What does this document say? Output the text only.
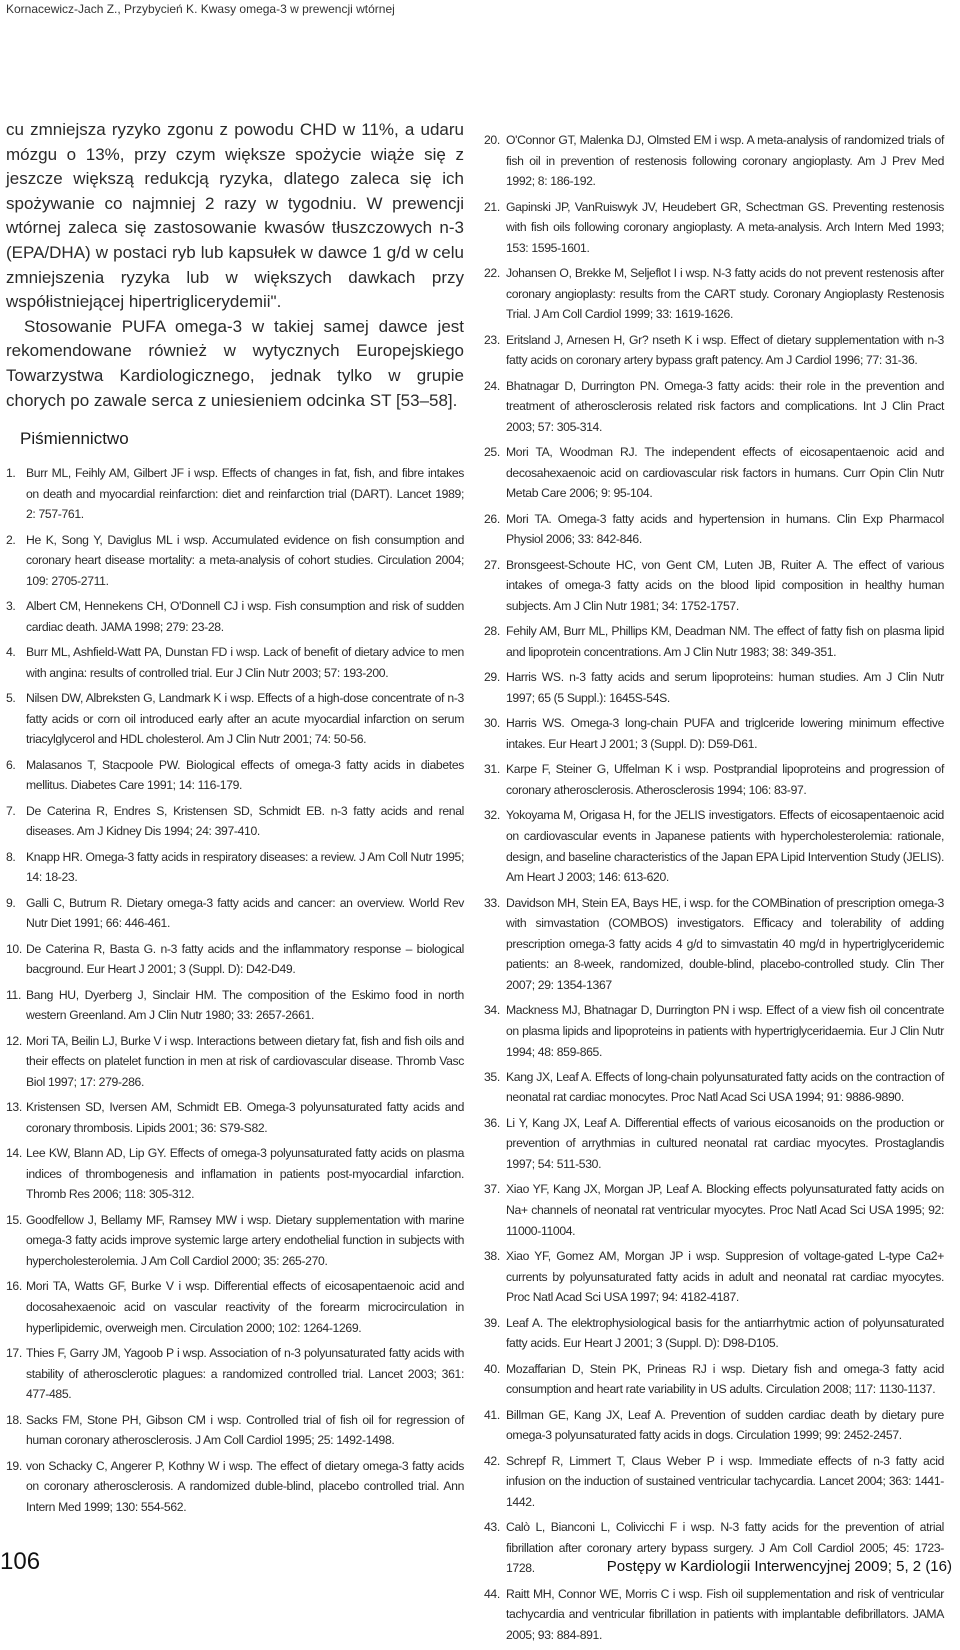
Kornacewicz-Jach Z., Przybycień K. Kwasy omega-3 w prewencji wtórnej

cu zmniejsza ryzyko zgonu z powodu CHD w 11%, a udaru mózgu o 13%, przy czym większe spożycie wiąże się z jeszcze większą redukcją ryzyka, dlatego zaleca się ich spożywanie co najmniej 2 razy w tygodniu. W prewencji wtórnej zaleca się zastosowanie kwasów tłuszczowych n-3 (EPA/DHA) w postaci ryb lub kapsułek w dawce 1 g/d w celu zmniejszenia ryzyka lub w większych dawkach przy współistniejącej hipertriglicerydemii".

Stosowanie PUFA omega-3 w takiej samej dawce jest rekomendowane również w wytycznych Europejskiego Towarzystwa Kardiologicznego, jednak tylko w grupie chorych po zawale serca z uniesieniem odcinka ST [53–58].

Piśmiennictwo
1. Burr ML, Feihly AM, Gilbert JF i wsp. Effects of changes in fat, fish, and fibre intakes on death and myocardial reinfarction: diet and reinfarction trial (DART). Lancet 1989; 2: 757-761.
2. He K, Song Y, Daviglus ML i wsp. Accumulated evidence on fish consumption and coronary heart disease mortality: a meta-analysis of cohort studies. Circulation 2004; 109: 2705-2711.
3. Albert CM, Hennekens CH, O'Donnell CJ i wsp. Fish consumption and risk of sudden cardiac death. JAMA 1998; 279: 23-28.
4. Burr ML, Ashfield-Watt PA, Dunstan FD i wsp. Lack of benefit of dietary advice to men with angina: results of controlled trial. Eur J Clin Nutr 2003; 57: 193-200.
5. Nilsen DW, Albreksten G, Landmark K i wsp. Effects of a high-dose concentrate of n-3 fatty acids or corn oil introduced early after an acute myocardial infarction on serum triacylglycerol and HDL cholesterol. Am J Clin Nutr 2001; 74: 50-56.
6. Malasanos T, Stacpoole PW. Biological effects of omega-3 fatty acids in diabetes mellitus. Diabetes Care 1991; 14: 116-179.
7. De Caterina R, Endres S, Kristensen SD, Schmidt EB. n-3 fatty acids and renal diseases. Am J Kidney Dis 1994; 24: 397-410.
8. Knapp HR. Omega-3 fatty acids in respiratory diseases: a review. J Am Coll Nutr 1995; 14: 18-23.
9. Galli C, Butrum R. Dietary omega-3 fatty acids and cancer: an overview. World Rev Nutr Diet 1991; 66: 446-461.
10. De Caterina R, Basta G. n-3 fatty acids and the inflammatory response – biological bacground. Eur Heart J 2001; 3 (Suppl. D): D42-D49.
11. Bang HU, Dyerberg J, Sinclair HM. The composition of the Eskimo food in north western Greenland. Am J Clin Nutr 1980; 33: 2657-2661.
12. Mori TA, Beilin LJ, Burke V i wsp. Interactions between dietary fat, fish and fish oils and their effects on platelet function in men at risk of cardiovascular disease. Thromb Vasc Biol 1997; 17: 279-286.
13. Kristensen SD, Iversen AM, Schmidt EB. Omega-3 polyunsaturated fatty acids and coronary thrombosis. Lipids 2001; 36: S79-S82.
14. Lee KW, Blann AD, Lip GY. Effects of omega-3 polyunsaturated fatty acids on plasma indices of thrombogenesis and inflamation in patients post-myocardial infarction. Thromb Res 2006; 118: 305-312.
15. Goodfellow J, Bellamy MF, Ramsey MW i wsp. Dietary supplementation with marine omega-3 fatty acids improve systemic large artery endothelial function in subjects with hypercholesterolemia. J Am Coll Cardiol 2000; 35: 265-270.
16. Mori TA, Watts GF, Burke V i wsp. Differential effects of eicosapentaenoic acid and docosahexaenoic acid on vascular reactivity of the forearm microcirculation in hyperlipidemic, overweigh men. Circulation 2000; 102: 1264-1269.
17. Thies F, Garry JM, Yagoob P i wsp. Association of n-3 polyunsaturated fatty acids with stability of atherosclerotic plagues: a randomized controlled trial. Lancet 2003; 361: 477-485.
18. Sacks FM, Stone PH, Gibson CM i wsp. Controlled trial of fish oil for regression of human coronary atherosclerosis. J Am Coll Cardiol 1995; 25: 1492-1498.
19. von Schacky C, Angerer P, Kothny W i wsp. The effect of dietary omega-3 fatty acids on coronary atherosclerosis. A randomized duble-blind, placebo controlled trial. Ann Intern Med 1999; 130: 554-562.
20. O'Connor GT, Malenka DJ, Olmsted EM i wsp. A meta-analysis of randomized trials of fish oil in prevention of restenosis following coronary angioplasty. Am J Prev Med 1992; 8: 186-192.
21. Gapinski JP, VanRuiswyk JV, Heudebert GR, Schectman GS. Preventing restenosis with fish oils following coronary angioplasty. A meta-analysis. Arch Intern Med 1993; 153: 1595-1601.
22. Johansen O, Brekke M, Seljeflot I i wsp. N-3 fatty acids do not prevent restenosis after coronary angioplasty: results from the CART study. Coronary Angioplasty Restenosis Trial. J Am Coll Cardiol 1999; 33: 1619-1626.
23. Eritsland J, Arnesen H, Gr? nseth K i wsp. Effect of dietary supplementation with n-3 fatty acids on coronary artery bypass graft patency. Am J Cardiol 1996; 77: 31-36.
24. Bhatnagar D, Durrington PN. Omega-3 fatty acids: their role in the prevention and treatment of atherosclerosis related risk factors and complications. Int J Clin Pract 2003; 57: 305-314.
25. Mori TA, Woodman RJ. The independent effects of eicosapentaenoic acid and decosahexaenoic acid on cardiovascular risk factors in humans. Curr Opin Clin Nutr Metab Care 2006; 9: 95-104.
26. Mori TA. Omega-3 fatty acids and hypertension in humans. Clin Exp Pharmacol Physiol 2006; 33: 842-846.
27. Bronsgeest-Schoute HC, von Gent CM, Luten JB, Ruiter A. The effect of various intakes of omega-3 fatty acids on the blood lipid composition in healthy human subjects. Am J Clin Nutr 1981; 34: 1752-1757.
28. Fehily AM, Burr ML, Phillips KM, Deadman NM. The effect of fatty fish on plasma lipid and lipoprotein concentrations. Am J Clin Nutr 1983; 38: 349-351.
29. Harris WS. n-3 fatty acids and serum lipoproteins: human studies. Am J Clin Nutr 1997; 65 (5 Suppl.): 1645S-54S.
30. Harris WS. Omega-3 long-chain PUFA and triglceride lowering minimum effective intakes. Eur Heart J 2001; 3 (Suppl. D): D59-D61.
31. Karpe F, Steiner G, Uffelman K i wsp. Postprandial lipoproteins and progression of coronary atherosclerosis. Atherosclerosis 1994; 106: 83-97.
32. Yokoyama M, Origasa H, for the JELIS investigators. Effects of eicosapentaenoic acid on cardiovascular events in Japanese patients with hypercholesterolemia: rationale, design, and baseline characteristics of the Japan EPA Lipid Intervention Study (JELIS). Am Heart J 2003; 146: 613-620.
33. Davidson MH, Stein EA, Bays HE, i wsp. for the COMBination of prescription omega-3 with simvastation (COMBOS) investigators. Efficacy and tolerability of adding prescription omega-3 fatty acids 4 g/d to simvastatin 40 mg/d in hypertriglyceridemic patients: an 8-week, randomized, double-blind, placebo-controlled study. Clin Ther 2007; 29: 1354-1367
34. Mackness MJ, Bhatnagar D, Durrington PN i wsp. Effect of a view fish oil concentrate on plasma lipids and lipoproteins in patients with hypertriglyceridaemia. Eur J Clin Nutr 1994; 48: 859-865.
35. Kang JX, Leaf A. Effects of long-chain polyunsaturated fatty acids on the contraction of neonatal rat cardiac monocytes. Proc Natl Acad Sci USA 1994; 91: 9886-9890.
36. Li Y, Kang JX, Leaf A. Differential effects of various eicosanoids on the production or prevention of arrythmias in cultured neonatal rat cardiac myocytes. Prostaglandis 1997; 54: 511-530.
37. Xiao YF, Kang JX, Morgan JP, Leaf A. Blocking effects polyunsaturated fatty acids on Na+ channels of neonatal rat ventricular myocytes. Proc Natl Acad Sci USA 1995; 92: 11000-11004.
38. Xiao YF, Gomez AM, Morgan JP i wsp. Suppresion of voltage-gated L-type Ca2+ currents by polyunsaturated fatty acids in adult and neonatal rat cardiac myocytes. Proc Natl Acad Sci USA 1997; 94: 4182-4187.
39. Leaf A. The elektrophysiological basis for the antiarrhytmic action of polyunsaturated fatty acids. Eur Heart J 2001; 3 (Suppl. D): D98-D105.
40. Mozaffarian D, Stein PK, Prineas RJ i wsp. Dietary fish and omega-3 fatty acid consumption and heart rate variability in US adults. Circulation 2008; 117: 1130-1137.
41. Billman GE, Kang JX, Leaf A. Prevention of sudden cardiac death by dietary pure omega-3 polyunsaturated fatty acids in dogs. Circulation 1999; 99: 2452-2457.
42. Schrepf R, Limmert T, Claus Weber P i wsp. Immediate effects of n-3 fatty acid infusion on the induction of sustained ventricular tachycardia. Lancet 2004; 363: 1441-1442.
43. Calò L, Bianconi L, Colivicchi F i wsp. N-3 fatty acids for the prevention of atrial fibrillation after coronary artery bypass surgery. J Am Coll Cardiol 2005; 45: 1723-1728.
44. Raitt MH, Connor WE, Morris C i wsp. Fish oil supplementation and risk of ventricular tachycardia and ventricular fibrillation in patients with implantable defibrillators. JAMA 2005; 93: 884-891.
106	Postępy w Kardiologii Interwencyjnej 2009; 5, 2 (16)
